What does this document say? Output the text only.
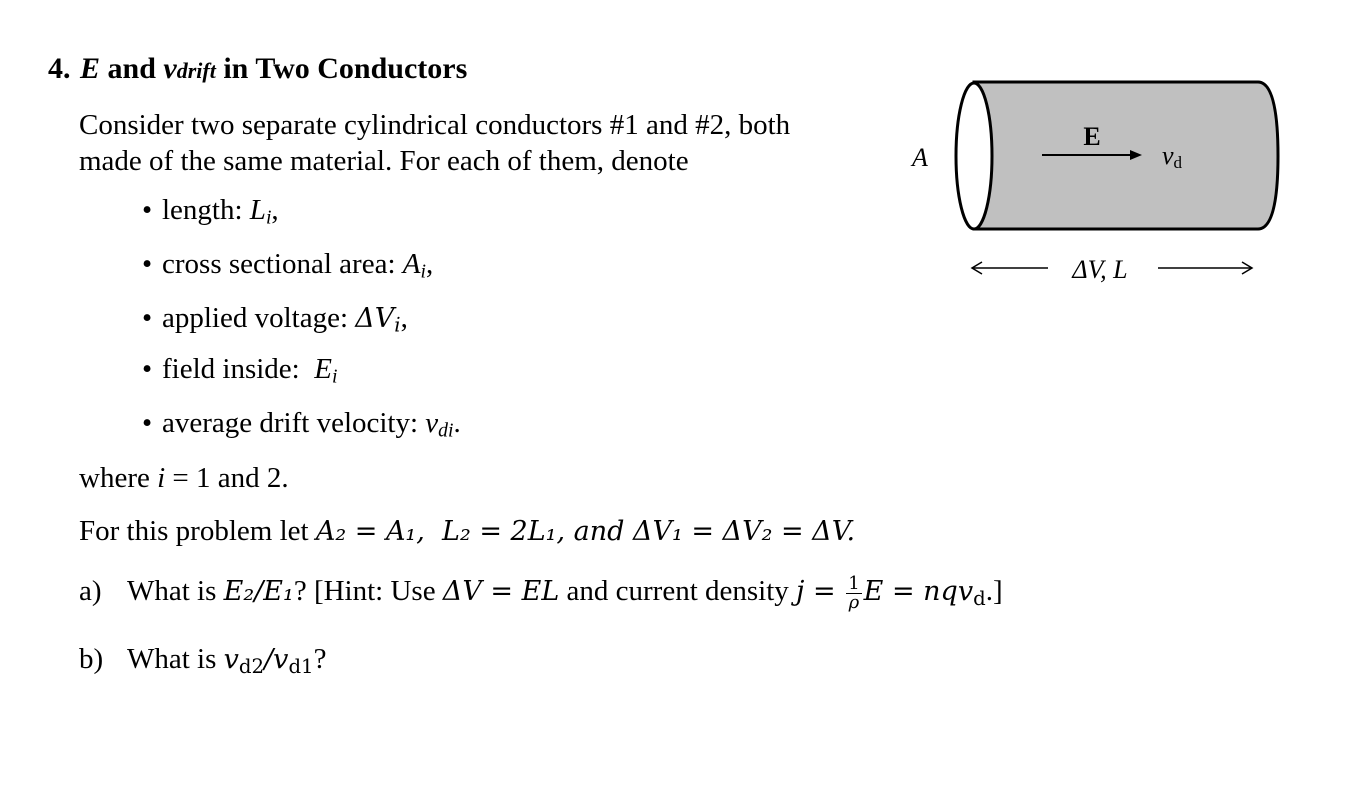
4. E and vdrift in Two Conductors
Consider two separate cylindrical conductors #1 and #2, both
made of the same material. For each of them, denote
• length: Li,
• cross sectional area: Ai,
• applied voltage: ΔVi,
• field inside:  Ei
• average drift velocity: vdi.
where i = 1 and 2.
For this problem let A₂ = A₁,  L₂ = 2L₁, and ΔV₁ = ΔV₂ = ΔV.
a) What is E₂/E₁? [Hint: Use ΔV = EL and current density $j = \frac{1}{\rho}$ E = nqv$_d$.]
b) What is $v_{d2}/v_{d1}$?
A
E
vd
ΔV, L
